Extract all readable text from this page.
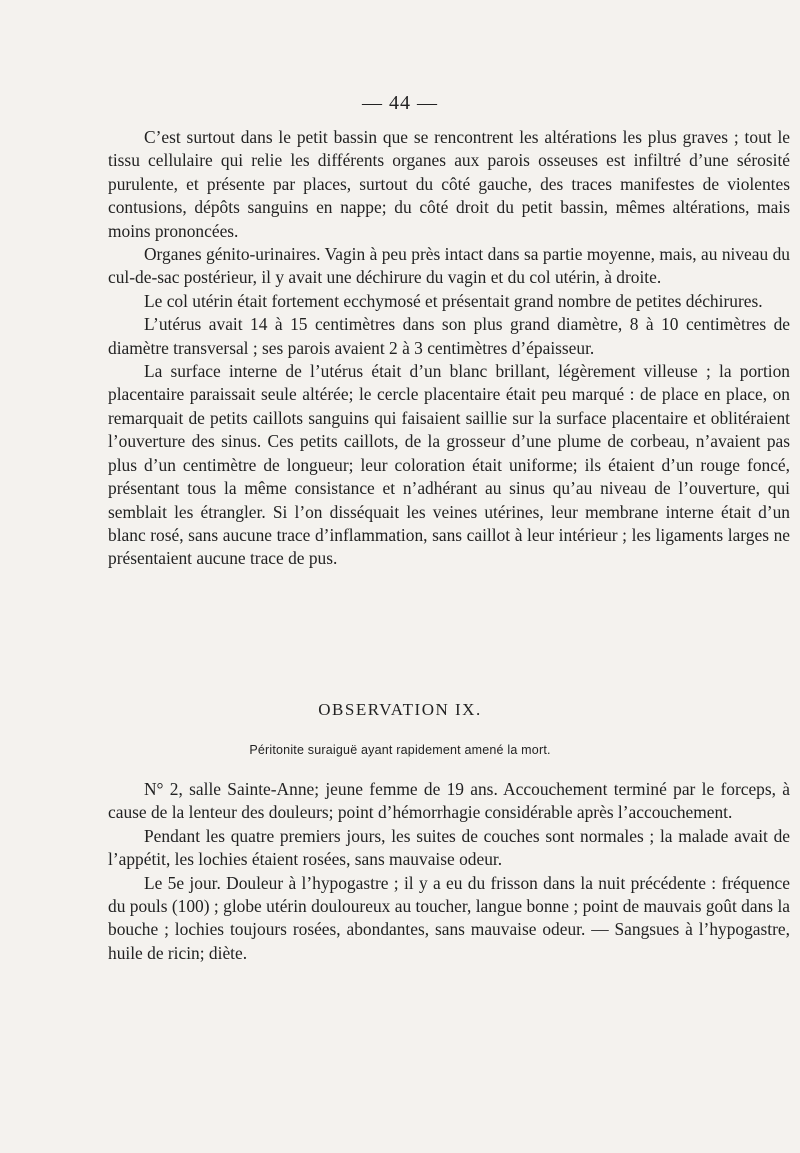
— 44 —

C’est surtout dans le petit bassin que se rencontrent les altérations les plus graves ; tout le tissu cellulaire qui relie les différents organes aux parois osseuses est infiltré d’une sérosité purulente, et présente par places, surtout du côté gauche, des traces manifestes de violentes contusions, dépôts sanguins en nappe; du côté droit du petit bassin, mêmes altérations, mais moins prononcées.

Organes génito-urinaires. Vagin à peu près intact dans sa partie moyenne, mais, au niveau du cul-de-sac postérieur, il y avait une déchirure du vagin et du col utérin, à droite.

Le col utérin était fortement ecchymosé et présentait grand nombre de petites déchirures.

L’utérus avait 14 à 15 centimètres dans son plus grand diamètre, 8 à 10 centimètres de diamètre transversal ; ses parois avaient 2 à 3 centimètres d’épaisseur.

La surface interne de l’utérus était d’un blanc brillant, légèrement villeuse ; la portion placentaire paraissait seule altérée; le cercle placentaire était peu marqué : de place en place, on remarquait de petits caillots sanguins qui faisaient saillie sur la surface placentaire et oblitéraient l’ouverture des sinus. Ces petits caillots, de la grosseur d’une plume de corbeau, n’avaient pas plus d’un centimètre de longueur; leur coloration était uniforme; ils étaient d’un rouge foncé, présentant tous la même consistance et n’adhérant au sinus qu’au niveau de l’ouverture, qui semblait les étrangler. Si l’on disséquait les veines utérines, leur membrane interne était d’un blanc rosé, sans aucune trace d’inflammation, sans caillot à leur intérieur ; les ligaments larges ne présentaient aucune trace de pus.

OBSERVATION IX.
Péritonite suraiguë ayant rapidement amené la mort.

N° 2, salle Sainte-Anne; jeune femme de 19 ans. Accouchement terminé par le forceps, à cause de la lenteur des douleurs; point d’hémorrhagie considérable après l’accouchement.

Pendant les quatre premiers jours, les suites de couches sont normales ; la malade avait de l’appétit, les lochies étaient rosées, sans mauvaise odeur.

Le 5e jour. Douleur à l’hypogastre ; il y a eu du frisson dans la nuit précédente : fréquence du pouls (100) ; globe utérin douloureux au toucher, langue bonne ; point de mauvais goût dans la bouche ; lochies toujours rosées, abondantes, sans mauvaise odeur. — Sangsues à l’hypogastre, huile de ricin; diète.
